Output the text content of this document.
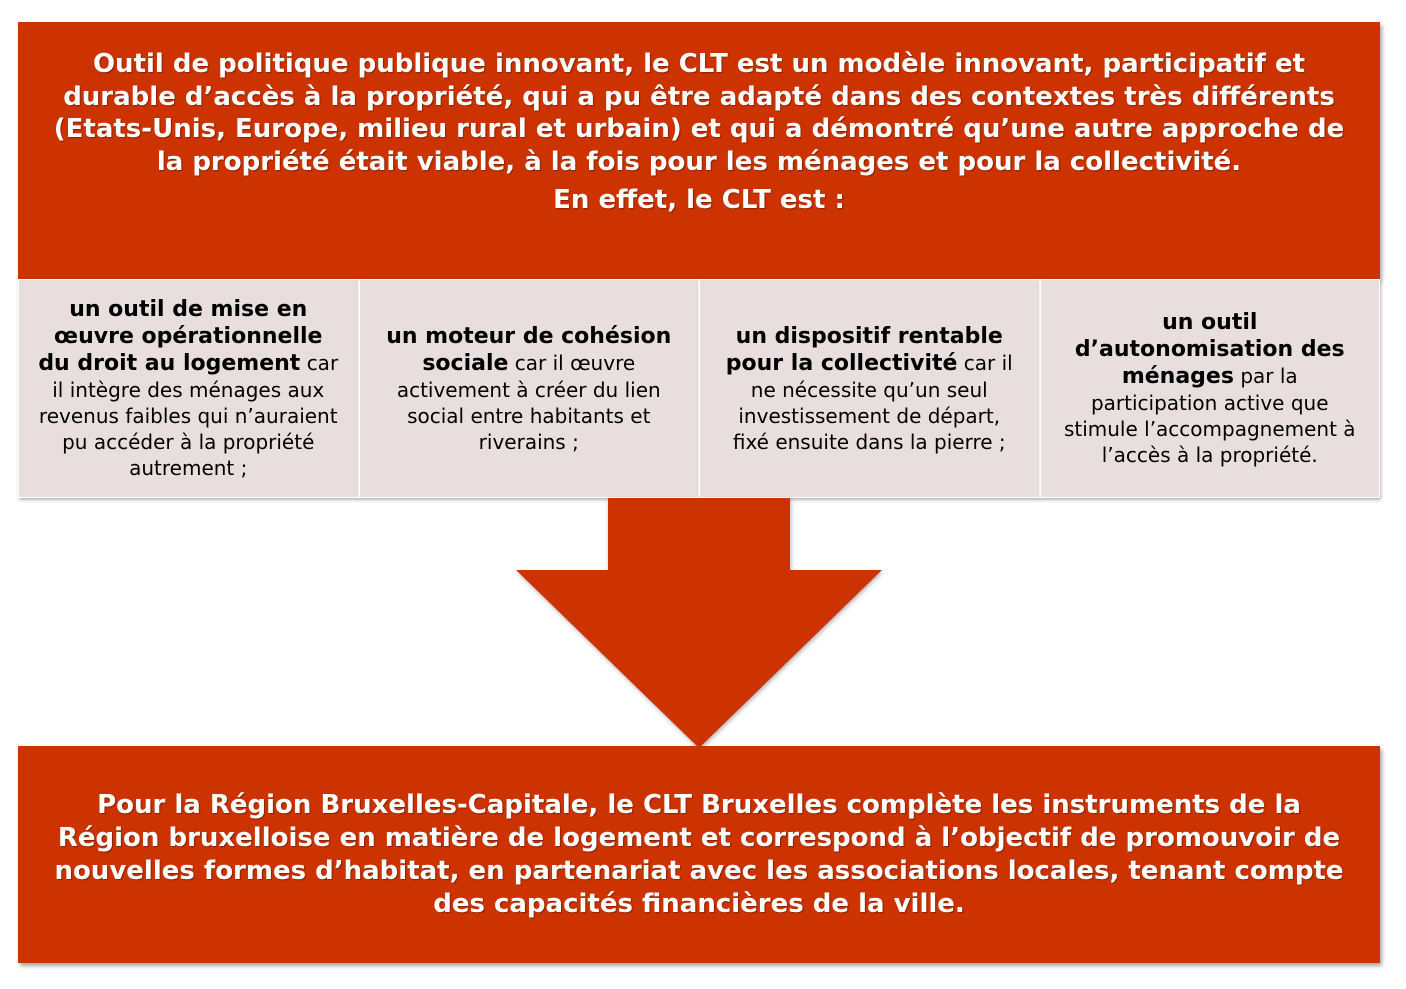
Outil de politique publique innovant, le CLT est un modèle innovant, participatif et durable d’accès à la propriété, qui a pu être adapté dans des contextes très différents (Etats-Unis, Europe, milieu rural et urbain) et qui a démontré qu’une autre approche de la propriété était viable, à la fois pour les ménages et pour la collectivité.

En effet, le CLT est :

un outil de mise en œuvre opérationnelle du droit au logement car il intègre des ménages aux revenus faibles qui n’auraient pu accéder à la propriété autrement ;
un moteur de cohésion sociale car il œuvre activement à créer du lien social entre habitants et riverains ;
un dispositif rentable pour la collectivité car il ne nécessite qu’un seul investissement de départ, fixé ensuite dans la pierre ;
un outil d’autonomisation des ménages par la participation active que stimule l’accompagnement à l’accès à la propriété.

Pour la Région Bruxelles-Capitale, le CLT Bruxelles complète les instruments de la Région bruxelloise en matière de logement et correspond à l’objectif de promouvoir de nouvelles formes d’habitat, en partenariat avec les associations locales, tenant compte des capacités financières de la ville.
